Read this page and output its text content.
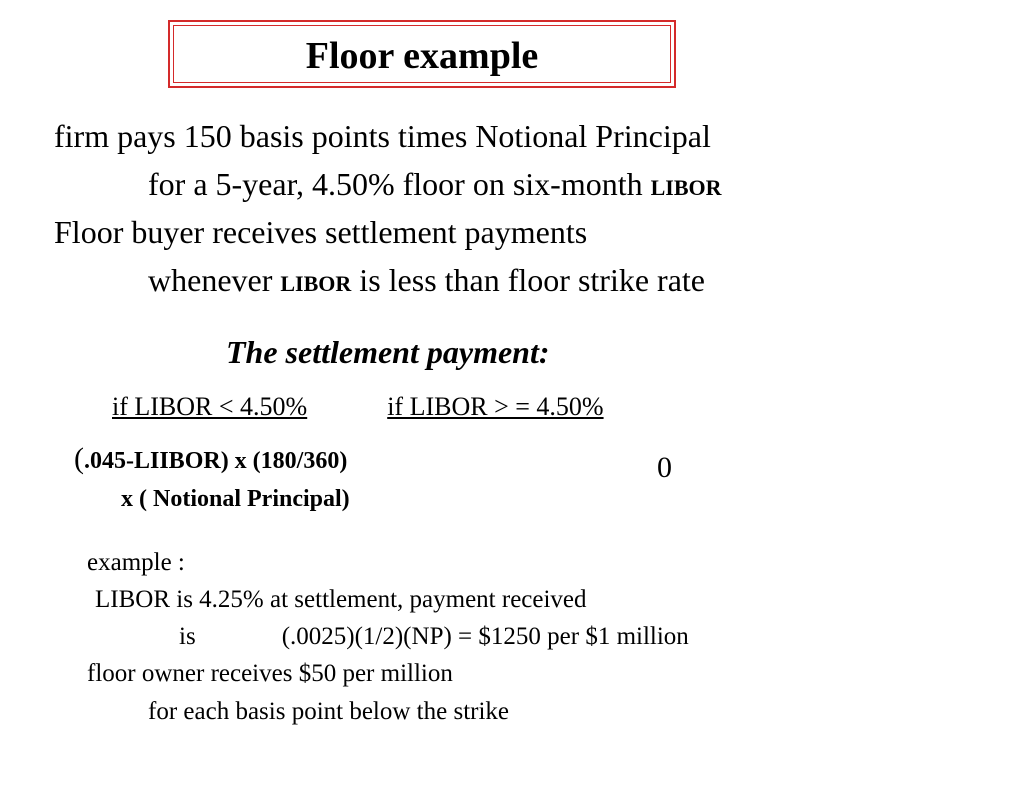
Floor example
firm pays 150 basis points times Notional Principal
for a 5-year, 4.50% floor on six-month LIBOR
Floor buyer receives settlement payments
whenever LIBOR is less than floor strike rate
The settlement payment:
if LIBOR < 4.50%	if LIBOR > = 4.50%
(.045-LIIBOR) x (180/360)
x ( Notional Principal)
0
example :
LIBOR is 4.25% at settlement, payment received
is	(.0025)(1/2)(NP) = $1250 per $1 million
floor owner receives $50 per million
for each basis point below the strike
